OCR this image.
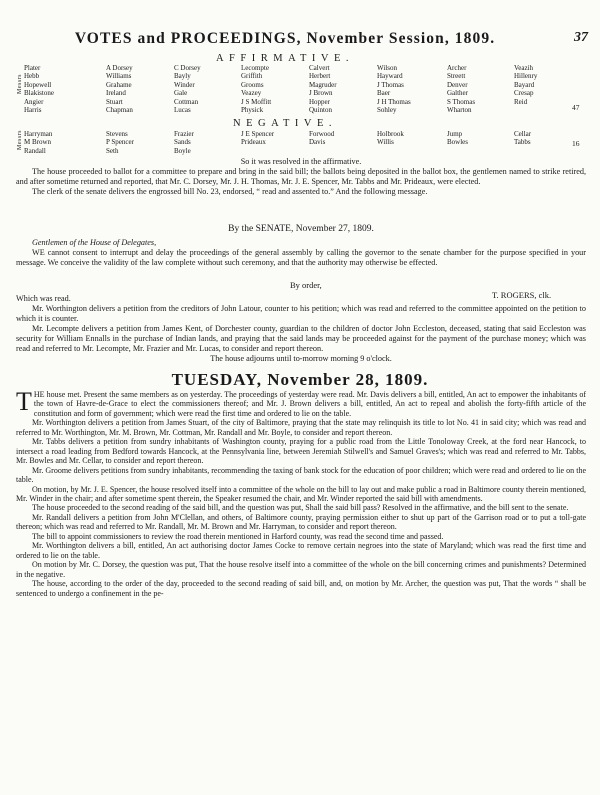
VOTES and PROCEEDINGS, November Session, 1809.	37
AFFIRMATIVE.
Messrs
Plater
Hebb
Hopewell
Blakistone
Angier
Harris
A Dorsey
Williams
Grahame
Ireland
Stuart
Chapman
C Dorsey
Bayly
Winder
Gale
Cottman
Lucas
Lecompte
Griffith
Grooms
Veazey
J S Moffitt
Physick
Calvert
Herbert
Magruder
J Brown
Hopper
Quinton
Wilson
Hayward
J Thomas
Baer
J H Thomas
Sohley
Archer
Streett
Denver
Galther
S Thomas
Wharton
Veazih
Hillenry
Bayard
Cresap
Reid
47
NEGATIVE.
Messrs Harryman
M Brown
Randall
Stevens
P Spencer
Seth
Frazier
Sands
Boyle
J E Spencer
Prideaux
Forwood
Davis
Holbrook
Willis
Jump
Bowles
Cellar
Tabbs	16

So it was resolved in the affirmative.

The house proceeded to ballot for a committee to prepare and bring in the said bill; the ballots being deposited in the ballot box, the gentlemen named to strike retired, and after sometime returned and reported, that Mr. C. Dorsey, Mr. J. H. Thomas, Mr. J. E. Spencer, Mr. Tabbs and Mr. Prideaux, were elected.

The clerk of the senate delivers the engrossed bill No. 23, endorsed, “ read and assented to.” And the following message.

By the SENATE, November 27, 1809.

Gentlemen of the House of Delegates,

WE cannot consent to interrupt and delay the proceedings of the general assembly by calling the governor to the senate chamber for the purpose specified in your message. We conceive the validity of the law complete without such ceremony, and that the authority may otherwise be effected.

By order,
T. ROGERS, clk.

Which was read.

Mr. Worthington delivers a petition from the creditors of John Latour, counter to his petition; which was read and referred to the committee appointed on the petition to which it is counter.

Mr. Lecompte delivers a petition from James Kent, of Dorchester county, guardian to the children of doctor John Eccleston, deceased, stating that said Eccleston was security for William Ennalls in the purchase of Indian lands, and praying that the said lands may be proceeded against for the payment of the purchase money; which was read and referred to Mr. Lecompte, Mr. Frazier and Mr. Lucas, to consider and report thereon.

The house adjourns until to-morrow morning 9 o'clock.

TUESDAY, November 28, 1809.

THE house met. Present the same members as on yesterday. The proceedings of yesterday were read. Mr. Davis delivers a bill, entitled, An act to empower the inhabitants of the town of Havre-de-Grace to elect the commissioners thereof; and Mr. J. Brown delivers a bill, entitled, An act to repeal and abolish the forty-fifth article of the constitution and form of government; which were read the first time and ordered to lie on the table.

Mr. Worthington delivers a petition from James Stuart, of the city of Baltimore, praying that the state may relinquish its title to lot No. 41 in said city; which was read and referred to Mr. Worthington, Mr. M. Brown, Mr. Cottman, Mr. Randall and Mr. Boyle, to consider and report thereon.

Mr. Tabbs delivers a petition from sundry inhabitants of Washington county, praying for a public road from the Little Tonoloway Creek, at the ford near Hancock, to intersect a road leading from Bedford towards Hancock, at the Pennsylvania line, between Jeremiah Stilwell's and Samuel Graves's; which was read and referred to Mr. Tabbs, Mr. Bowles and Mr. Cellar, to consider and report thereon.

Mr. Groome delivers petitions from sundry inhabitants, recommending the taxing of bank stock for the education of poor children; which were read and ordered to lie on the table.

On motion, by Mr. J. E. Spencer, the house resolved itself into a committee of the whole on the bill to lay out and make public a road in Baltimore county therein mentioned, Mr. Winder in the chair; and after sometime spent therein, the Speaker resumed the chair, and Mr. Winder reported the said bill with amendments.

The house proceeded to the second reading of the said bill, and the question was put, Shall the said bill pass? Resolved in the affirmative, and the bill sent to the senate.

Mr. Randall delivers a petition from John M'Clellan, and others, of Baltimore county, praying permission either to shut up part of the Garrison road or to put a toll-gate thereon; which was read and referred to Mr. Randall, Mr. M. Brown and Mr. Harryman, to consider and report thereon.

The bill to appoint commissioners to review the road therein mentioned in Harford county, was read the second time and passed.

Mr. Worthington delivers a bill, entitled, An act authorising doctor James Cocke to remove certain negroes into the state of Maryland; which was read the first time and ordered to lie on the table.

On motion by Mr. C. Dorsey, the question was put, That the house resolve itself into a committee of the whole on the bill concerning crimes and punishments? Determined in the negative.

The house, according to the order of the day, proceeded to the second reading of said bill, and, on motion by Mr. Archer, the question was put, That the words “ shall be sentenced to undergo a confinement in the pe-
